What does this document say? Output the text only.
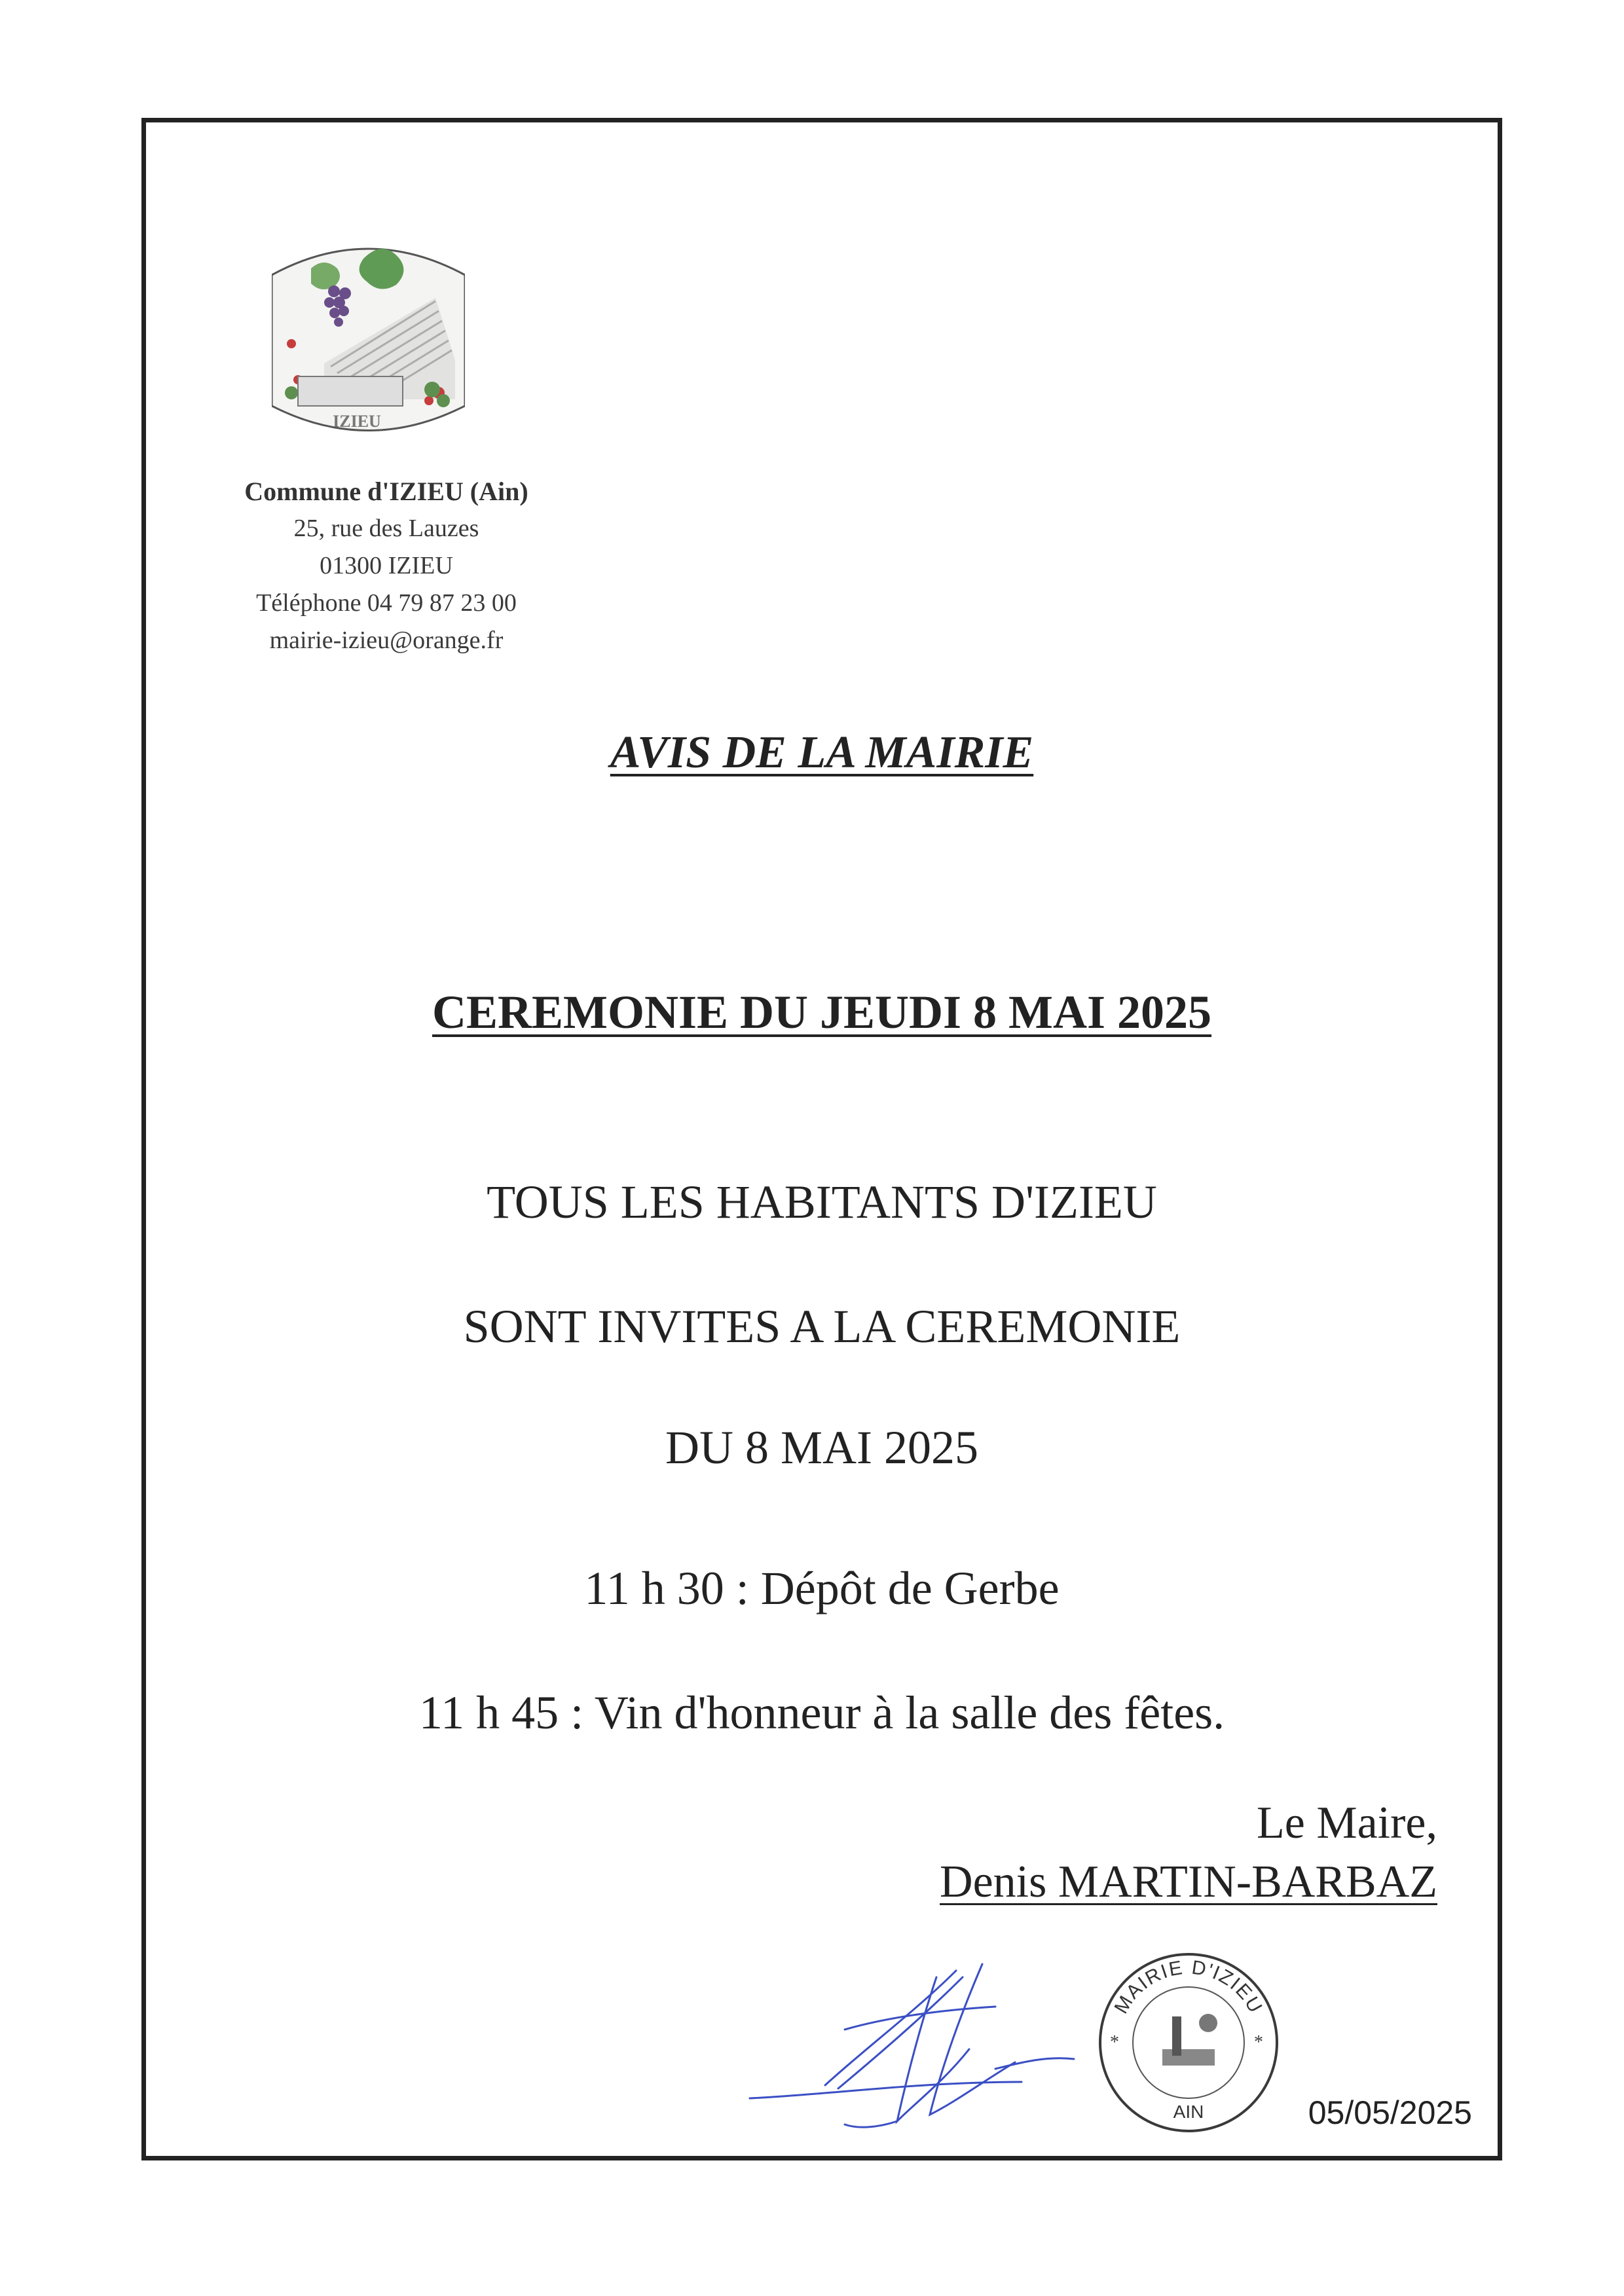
IZIEU
Commune d'IZIEU (Ain)
25, rue des Lauzes
01300 IZIEU
Téléphone 04 79 87 23 00
mairie-izieu@orange.fr
AVIS DE LA MAIRIE
CEREMONIE DU JEUDI 8 MAI 2025
TOUS LES HABITANTS D'IZIEU
SONT INVITES A LA CEREMONIE
DU 8 MAI 2025
11 h 30 : Dépôt de Gerbe
11 h 45 : Vin d'honneur à la salle des fêtes.
Le Maire,
Denis MARTIN-BARBAZ
*	*
MAIRIE D'IZIEU
AIN	05/05/2025
